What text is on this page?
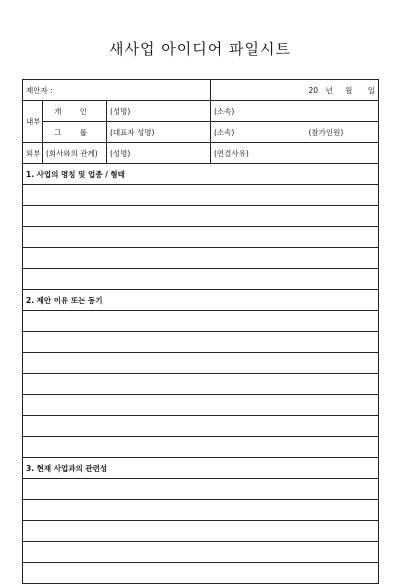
새사업 아이디어 파일시트
제안자 :				20 년 월 일
내부	개 인	(성명)	(소속)	
	그 룹	(대표자 성명)	(소속)	(참가인원)
외부	(회사와의 관계)	(성명)	(연결사유)	
1. 사업의 명칭 및 업종 / 형태				

2. 제안 이유 또는 동기				

3. 현재 사업과의 관련성				
